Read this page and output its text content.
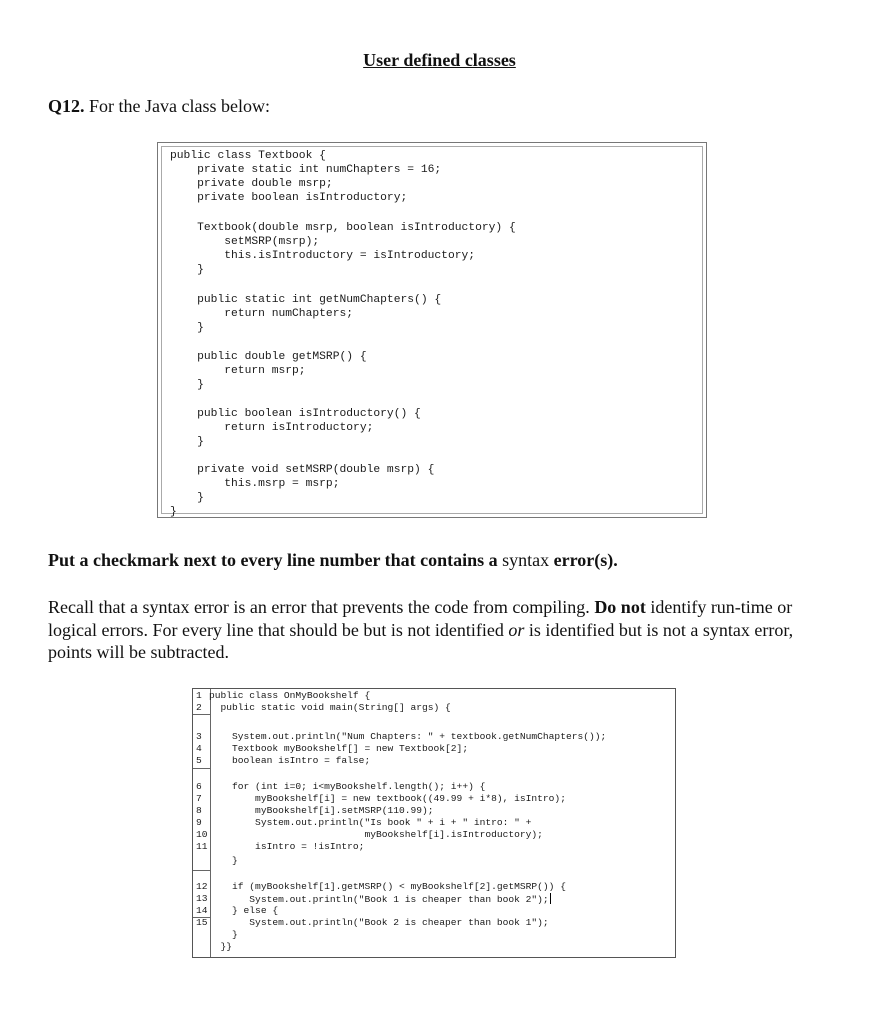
User defined classes
Q12. For the Java class below:
public class Textbook {
private static int numChapters = 16;
private double msrp;
private boolean isIntroductory;
Textbook(double msrp, boolean isIntroductory) {
setMSRP(msrp);
this.isIntroductory = isIntroductory;
}
public static int getNumChapters() {
return numChapters;
}
public double getMSRP() {
return msrp;
}
public boolean isIntroductory() {
return isIntroductory;
}
private void setMSRP(double msrp) {
this.msrp = msrp;
}
}
Put a checkmark next to every line number that contains a syntax error(s).
Recall that a syntax error is an error that prevents the code from compiling. Do not identify run-time or logical errors. For every line that should be but is not identified or is identified but is not a syntax error, points will be subtracted.
1 public class OnMyBookshelf {
2 public static void main(String[] args) {
3 System.out.println("Num Chapters: " + textbook.getNumChapters());
4 Textbook myBookshelf[] = new Textbook[2];
5 boolean isIntro = false;
6 for (int i=0; i<myBookshelf.length(); i++) {
7 myBookshelf[i] = new textbook((49.99 + i*8), isIntro);
8 myBookshelf[i].setMSRP(110.99);
9 System.out.println("Is book " + i + " intro: " +
10 myBookshelf[i].isIntroductory);
11 isIntro = !isIntro;
}
12 if (myBookshelf[1].getMSRP() < myBookshelf[2].getMSRP()) {
13 System.out.println("Book 1 is cheaper than book 2");
14 } else {
15 System.out.println("Book 2 is cheaper than book 1");
}
}}
